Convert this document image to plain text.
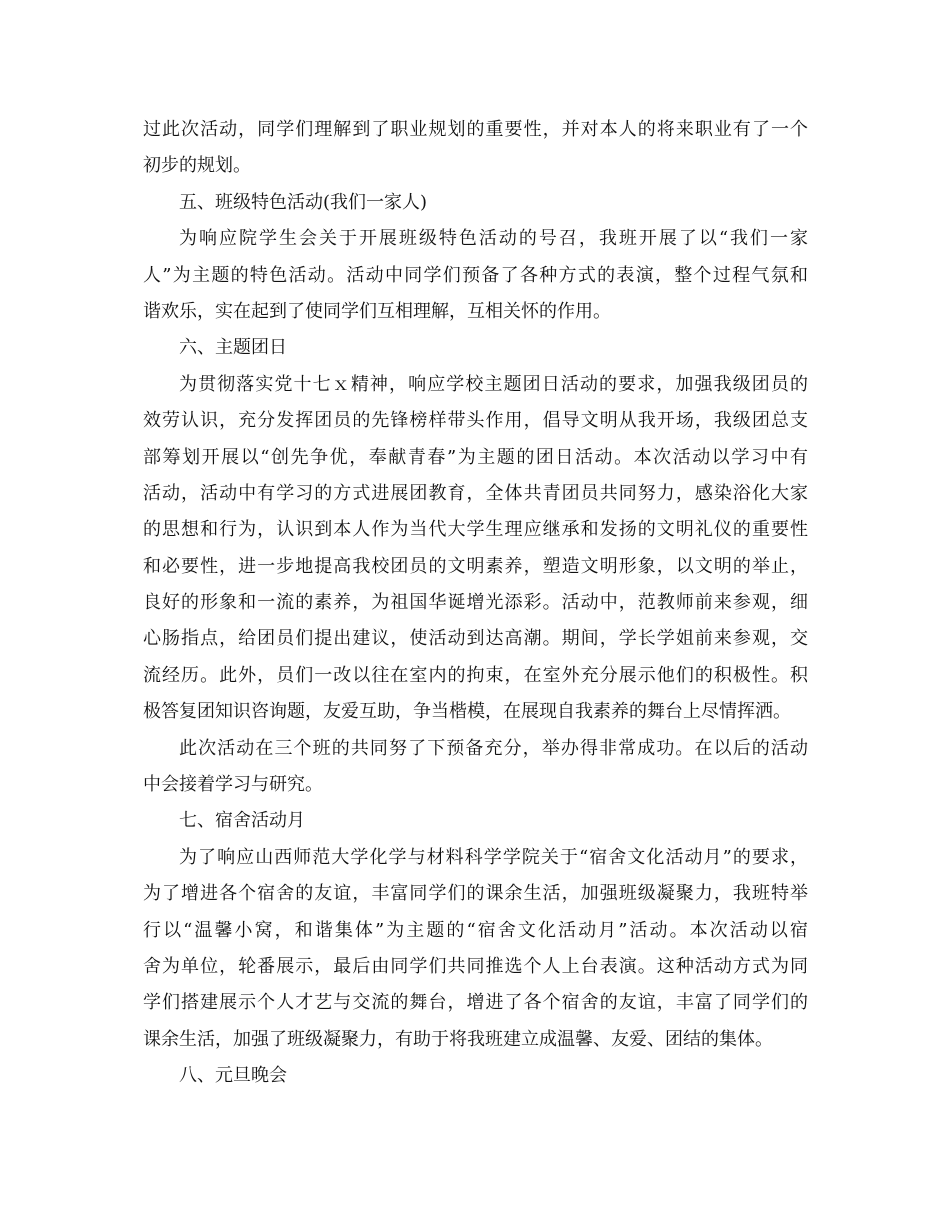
过此次活动，同学们理解到了职业规划的重要性，并对本人的将来职业有了一个
初步的规划。
五、班级特色活动(我们一家人)
为响应院学生会关于开展班级特色活动的号召，我班开展了以“我们一家
人”为主题的特色活动。活动中同学们预备了各种方式的表演，整个过程气氛和
谐欢乐，实在起到了使同学们互相理解，互相关怀的作用。
六、主题团日
为贯彻落实党十七ｘ精神，响应学校主题团日活动的要求，加强我级团员的
效劳认识，充分发挥团员的先锋榜样带头作用，倡导文明从我开场，我级团总支
部筹划开展以“创先争优，奉献青春”为主题的团日活动。本次活动以学习中有
活动，活动中有学习的方式进展团教育，全体共青团员共同努力，感染浴化大家
的思想和行为，认识到本人作为当代大学生理应继承和发扬的文明礼仪的重要性
和必要性，进一步地提高我校团员的文明素养，塑造文明形象，以文明的举止，
良好的形象和一流的素养，为祖国华诞增光添彩。活动中，范教师前来参观，细
心肠指点，给团员们提出建议，使活动到达高潮。期间，学长学姐前来参观，交
流经历。此外，员们一改以往在室内的拘束，在室外充分展示他们的积极性。积
极答复团知识咨询题，友爱互助，争当楷模，在展现自我素养的舞台上尽情挥洒。
此次活动在三个班的共同努了下预备充分，举办得非常成功。在以后的活动
中会接着学习与研究。
七、宿舍活动月
为了响应山西师范大学化学与材料科学学院关于“宿舍文化活动月”的要求，
为了增进各个宿舍的友谊，丰富同学们的课余生活，加强班级凝聚力，我班特举
行以“温馨小窝，和谐集体”为主题的“宿舍文化活动月”活动。本次活动以宿
舍为单位，轮番展示，最后由同学们共同推选个人上台表演。这种活动方式为同
学们搭建展示个人才艺与交流的舞台，增进了各个宿舍的友谊，丰富了同学们的
课余生活，加强了班级凝聚力，有助于将我班建立成温馨、友爱、团结的集体。
八、元旦晚会
